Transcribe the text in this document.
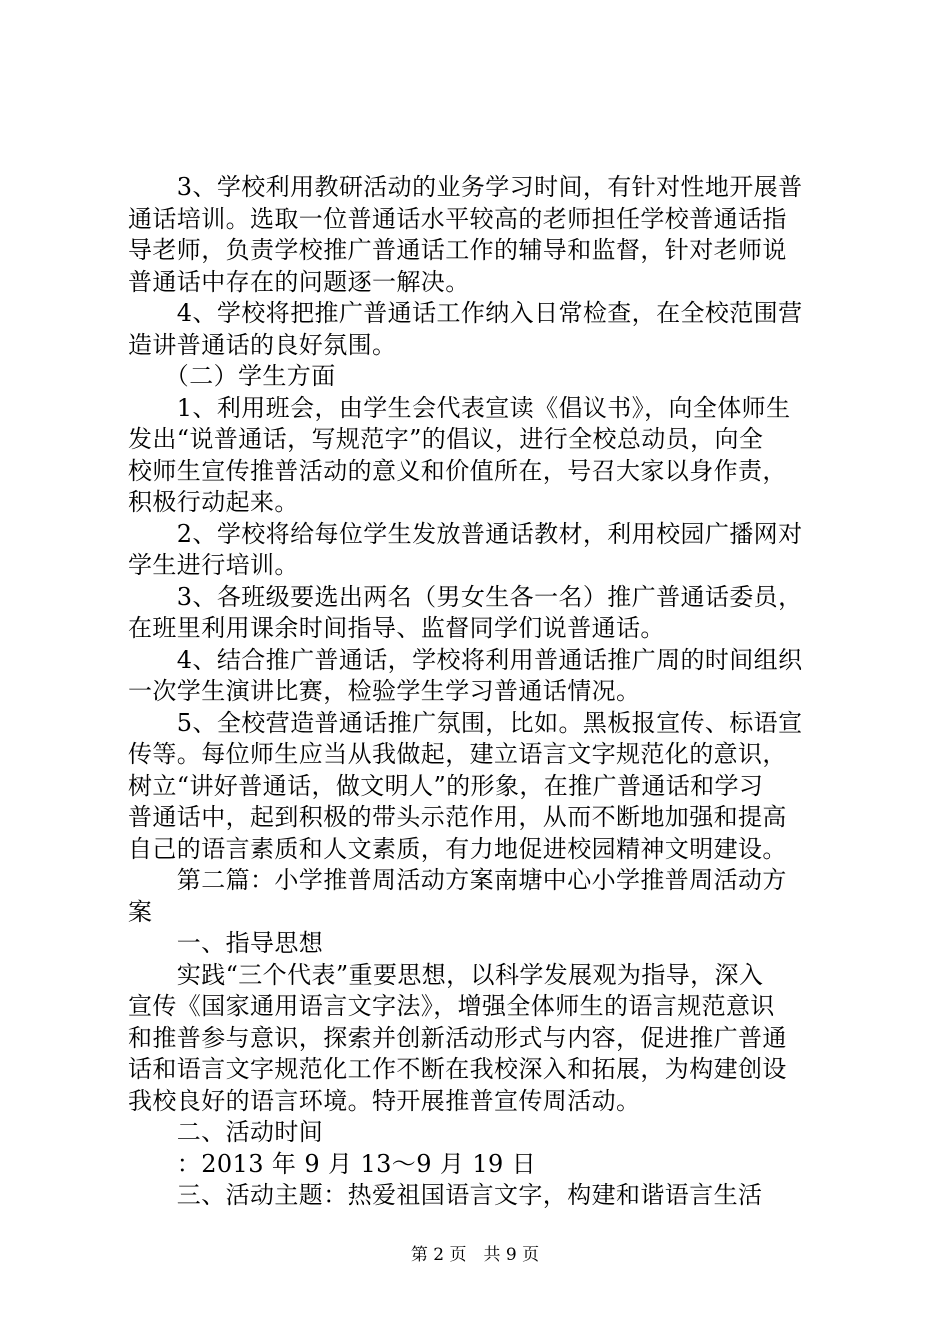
　　3、学校利用教研活动的业务学习时间，有针对性地开展普
通话培训。选取一位普通话水平较高的老师担任学校普通话指
导老师，负责学校推广普通话工作的辅导和监督，针对老师说
普通话中存在的问题逐一解决。
　　4、学校将把推广普通话工作纳入日常检查，在全校范围营
造讲普通话的良好氛围。
　　（二）学生方面
　　1、利用班会，由学生会代表宣读《倡议书》，向全体师生
发出“说普通话，写规范字”的倡议，进行全校总动员，向全
校师生宣传推普活动的意义和价值所在，号召大家以身作责，
积极行动起来。
　　2、学校将给每位学生发放普通话教材，利用校园广播网对
学生进行培训。
　　3、各班级要选出两名（男女生各一名）推广普通话委员，
在班里利用课余时间指导、监督同学们说普通话。
　　4、结合推广普通话，学校将利用普通话推广周的时间组织
一次学生演讲比赛，检验学生学习普通话情况。
　　5、全校营造普通话推广氛围，比如。黑板报宣传、标语宣
传等。每位师生应当从我做起，建立语言文字规范化的意识，
树立“讲好普通话，做文明人”的形象，在推广普通话和学习
普通话中，起到积极的带头示范作用，从而不断地加强和提高
自己的语言素质和人文素质，有力地促进校园精神文明建设。
　　第二篇：小学推普周活动方案南塘中心小学推普周活动方
案
　　一、指导思想
　　实践“三个代表”重要思想，以科学发展观为指导，深入
宣传《国家通用语言文字法》，增强全体师生的语言规范意识
和推普参与意识，探索并创新活动形式与内容，促进推广普通
话和语言文字规范化工作不断在我校深入和拓展，为构建创设
我校良好的语言环境。特开展推普宣传周活动。
　　二、活动时间
　　：2013 年 9 月 13～9 月 19 日
　　三、活动主题：热爱祖国语言文字，构建和谐语言生活
第 2 页　共 9 页
